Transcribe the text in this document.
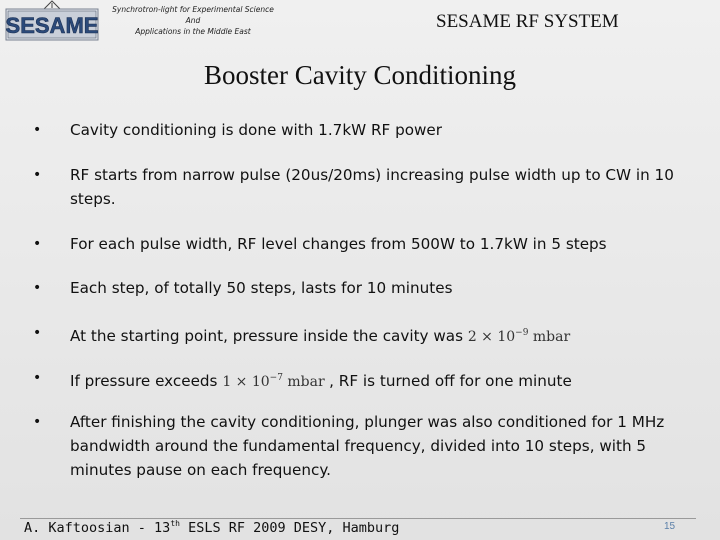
SESAME
Synchrotron-light for Experimental Science
And
Applications in the Middle East	SESAME RF SYSTEM
Booster Cavity Conditioning
•	Cavity conditioning is done with 1.7kW RF power
•	RF starts from narrow pulse (20us/20ms) increasing pulse width up to CW in 10 steps.
•	For each pulse width, RF level changes from 500W to 1.7kW in 5 steps
•	Each step, of totally 50 steps, lasts for 10 minutes
•	At the starting point, pressure inside the cavity was $2 \times 10^{-9}$ mbar
•	If pressure exceeds $1 \times 10^{-7}$ mbar , RF is turned off for one minute
•	After finishing the cavity conditioning, plunger was also conditioned for 1 MHz bandwidth around the fundamental frequency, divided into 10 steps, with 5 minutes pause on each frequency.
A. Kaftoosian - 13th ESLS RF 2009 DESY, Hamburg	15
